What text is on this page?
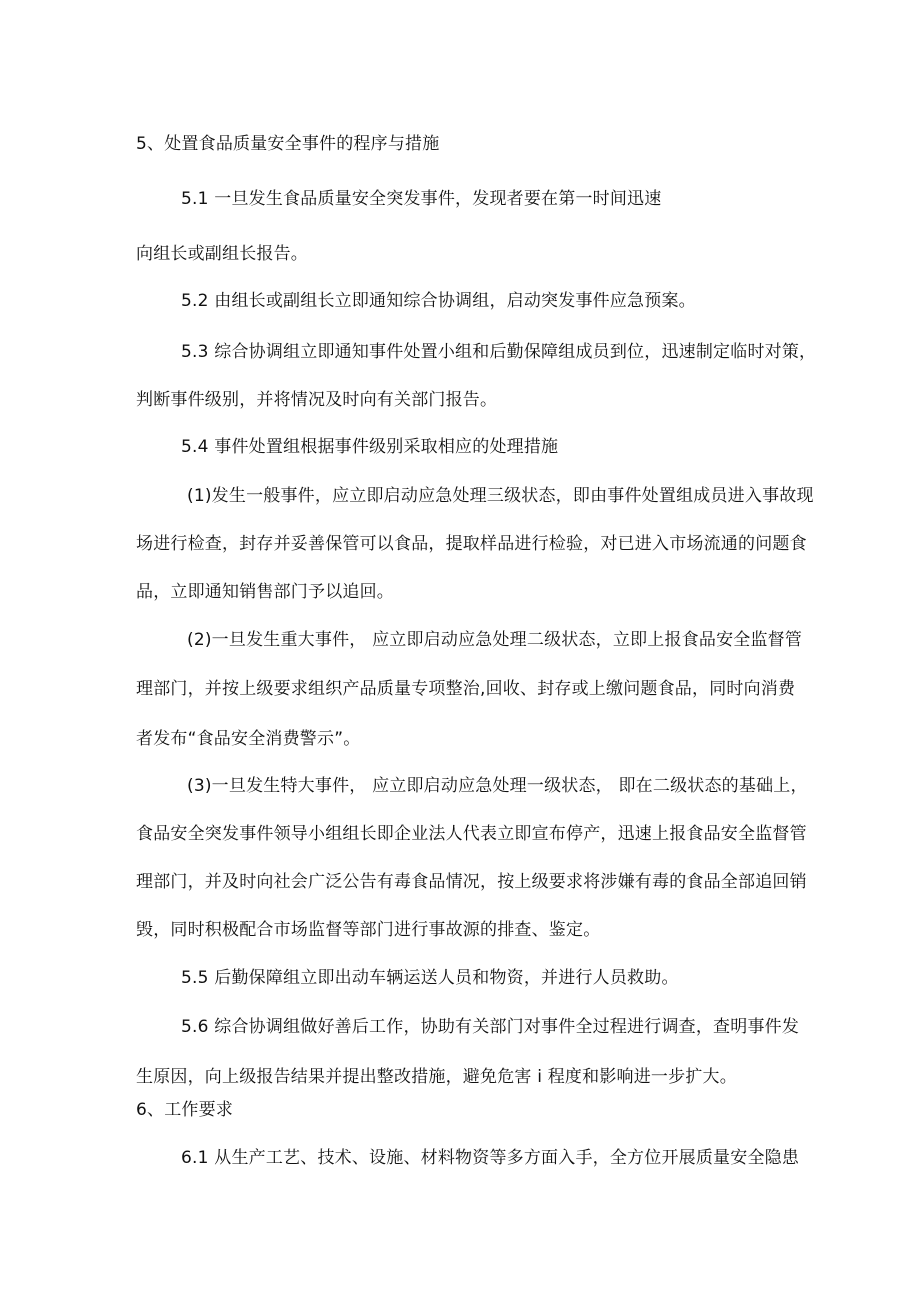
5、处置食品质量安全事件的程序与措施
5.1 一旦发生食品质量安全突发事件，发现者要在第一时间迅速
向组长或副组长报告。
5.2 由组长或副组长立即通知综合协调组，启动突发事件应急预案。
5.3 综合协调组立即通知事件处置小组和后勤保障组成员到位，迅速制定临时对策，
判断事件级别，并将情况及时向有关部门报告。
5.4 事件处置组根据事件级别采取相应的处理措施
(1)发生一般事件，应立即启动应急处理三级状态，即由事件处置组成员进入事故现
场进行检查，封存并妥善保管可以食品，提取样品进行检验，对已进入市场流通的问题食
品，立即通知销售部门予以追回。
(2)一旦发生重大事件， 应立即启动应急处理二级状态，立即上报食品安全监督管
理部门，并按上级要求组织产品质量专项整治,回收、封存或上缴问题食品，同时向消费
者发布“食品安全消费警示”。
(3)一旦发生特大事件， 应立即启动应急处理一级状态， 即在二级状态的基础上，
食品安全突发事件领导小组组长即企业法人代表立即宣布停产，迅速上报食品安全监督管
理部门，并及时向社会广泛公告有毒食品情况，按上级要求将涉嫌有毒的食品全部追回销
毁，同时积极配合市场监督等部门进行事故源的排查、鉴定。
5.5 后勤保障组立即出动车辆运送人员和物资，并进行人员救助。
5.6 综合协调组做好善后工作，协助有关部门对事件全过程进行调查，查明事件发
生原因，向上级报告结果并提出整改措施，避免危害 i 程度和影响进一步扩大。
6、工作要求
6.1 从生产工艺、技术、设施、材料物资等多方面入手，全方位开展质量安全隐患
